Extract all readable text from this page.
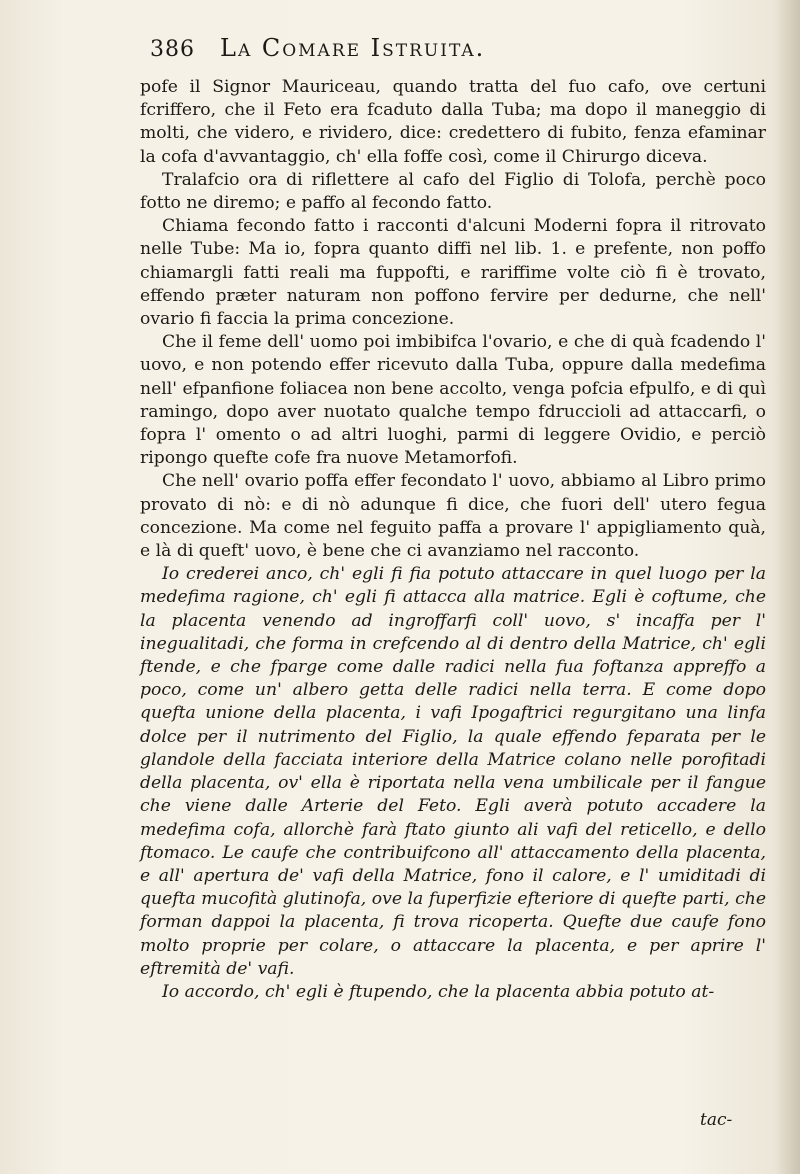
386	La Comare Istruita.

pofe il Signor Mauriceau, quando tratta del fuo cafo, ove certuni fcriffero, che il Feto era fcaduto dalla Tuba; ma dopo il maneggio di molti, che videro, e rividero, dice: credettero di fubito, fenza efaminar la cofa d'avvantaggio, ch' ella foffe così, come il Chirurgo diceva.

Tralafcio ora di riflettere al cafo del Figlio di Tolofa, perchè poco fotto ne diremo; e paffo al fecondo fatto.

Chiama fecondo fatto i racconti d'alcuni Moderni fopra il ritrovato nelle Tube: Ma io, fopra quanto diffi nel lib. 1. e prefente, non poffo chiamargli fatti reali ma fuppofti, e rariffime volte ciò fi è trovato, effendo præter naturam non poffono fervire per dedurne, che nell' ovario fi faccia la prima concezione.

Che il feme dell' uomo poi imbibifca l'ovario, e che di quà fcadendo l' uovo, e non potendo effer ricevuto dalla Tuba, oppure dalla medefima nell' efpanfione foliacea non bene accolto, venga pofcia efpulfo, e di quì ramingo, dopo aver nuotato qualche tempo fdruccioli ad attaccarfi, o fopra l' omento o ad altri luoghi, parmi di leggere Ovidio, e perciò ripongo quefte cofe fra nuove Metamorfofi.

Che nell' ovario poffa effer fecondato l' uovo, abbiamo al Libro primo provato di nò: e di nò adunque fi dice, che fuori dell' utero fegua concezione. Ma come nel feguito paffa a provare l' appigliamento quà, e là di queft' uovo, è bene che ci avanziamo nel racconto.

Io crederei anco, ch' egli fi fia potuto attaccare in quel luogo per la medefima ragione, ch' egli fi attacca alla matrice. Egli è coftume, che la placenta venendo ad ingroffarfi coll' uovo, s' incaffa per l' inegualitadi, che forma in crefcendo al di dentro della Matrice, ch' egli ftende, e che fparge come dalle radici nella fua foftanza appreffo a poco, come un' albero getta delle radici nella terra. E come dopo quefta unione della placenta, i vafi Ipogaftrici regurgitano una linfa dolce per il nutrimento del Figlio, la quale effendo feparata per le glandole della facciata interiore della Matrice colano nelle porofitadi della placenta, ov' ella è riportata nella vena umbilicale per il fangue che viene dalle Arterie del Feto. Egli averà potuto accadere la medefima cofa, allorchè farà ftato giunto ali vafi del reticello, e dello ftomaco. Le caufe che contribuifcono all' attaccamento della placenta, e all' apertura de' vafi della Matrice, fono il calore, e l' umiditadi di quefta mucofità glutinofa, ove la fuperfizie efteriore di quefte parti, che forman dappoi la placenta, fi trova ricoperta. Quefte due caufe fono molto proprie per colare, o attaccare la placenta, e per aprire l' eftremità de' vafi.

Io accordo, ch' egli è ftupendo, che la placenta abbia potuto at-

tac-
